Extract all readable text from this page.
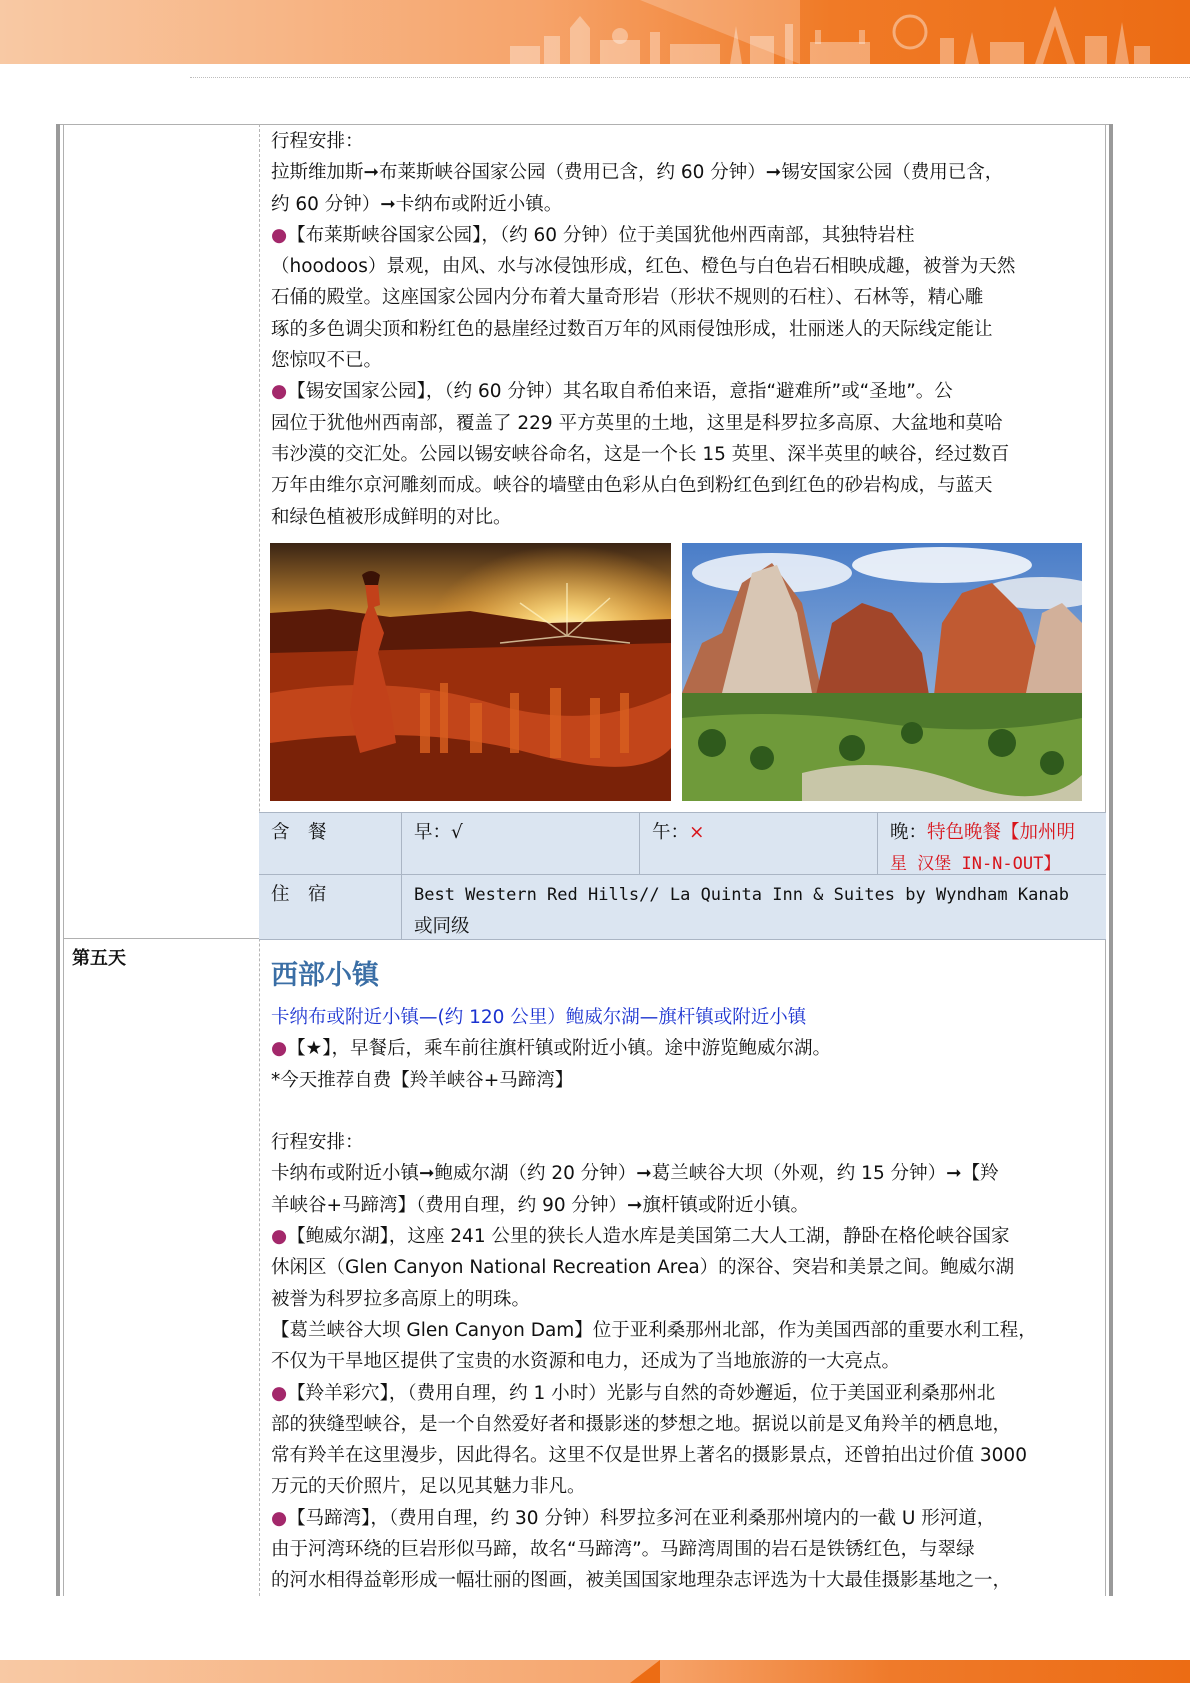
行程安排：

拉斯维加斯➞布莱斯峡谷国家公园（费用已含，约 60 分钟）➞锡安国家公园（费用已含，

约 60 分钟）➞卡纳布或附近小镇。

●【布莱斯峡谷国家公园】，（约 60 分钟）位于美国犹他州西南部，其独特岩柱

（hoodoos）景观，由风、水与冰侵蚀形成，红色、橙色与白色岩石相映成趣，被誉为天然

石俑的殿堂。这座国家公园内分布着大量奇形岩（形状不规则的石柱）、石林等，精心雕

琢的多色调尖顶和粉红色的悬崖经过数百万年的风雨侵蚀形成，壮丽迷人的天际线定能让

您惊叹不已。

●【锡安国家公园】，（约 60 分钟）其名取自希伯来语，意指“避难所”或“圣地”。公

园位于犹他州西南部，覆盖了 229 平方英里的土地，这里是科罗拉多高原、大盆地和莫哈

韦沙漠的交汇处。公园以锡安峡谷命名，这是一个长 15 英里、深半英里的峡谷，经过数百

万年由维尔京河雕刻而成。峡谷的墙壁由色彩从白色到粉红色到红色的砂岩构成，与蓝天

和绿色植被形成鲜明的对比。

含　餐	早：√	午：×	晚：特色晚餐【加州明
星 汉堡 IN-N-OUT】
住　宿	Best Western Red Hills// La Quinta Inn & Suites by Wyndham Kanab
或同级
第五天
西部小镇

卡纳布或附近小镇—(约 120 公里）鲍威尔湖—旗杆镇或附近小镇

●【★】，早餐后，乘车前往旗杆镇或附近小镇。途中游览鲍威尔湖。

*今天推荐自费【羚羊峡谷+马蹄湾】

行程安排：

卡纳布或附近小镇➞鲍威尔湖（约 20 分钟）➞葛兰峡谷大坝（外观，约 15 分钟）➞【羚

羊峡谷+马蹄湾】（费用自理，约 90 分钟）➞旗杆镇或附近小镇。

●【鲍威尔湖】，这座 241 公里的狭长人造水库是美国第二大人工湖，静卧在格伦峡谷国家

休闲区（Glen Canyon National Recreation Area）的深谷、突岩和美景之间。鲍威尔湖

被誉为科罗拉多高原上的明珠。

【葛兰峡谷大坝 Glen Canyon Dam】位于亚利桑那州北部，作为美国西部的重要水利工程，

不仅为干旱地区提供了宝贵的水资源和电力，还成为了当地旅游的一大亮点。

●【羚羊彩穴】，（费用自理，约 1 小时）光影与自然的奇妙邂逅，位于美国亚利桑那州北

部的狭缝型峡谷，是一个自然爱好者和摄影迷的梦想之地。据说以前是叉角羚羊的栖息地，

常有羚羊在这里漫步，因此得名。这里不仅是世界上著名的摄影景点，还曾拍出过价值 3000

万元的天价照片，足以见其魅力非凡。

●【马蹄湾】，（费用自理，约 30 分钟）科罗拉多河在亚利桑那州境内的一截 U 形河道，

由于河湾环绕的巨岩形似马蹄，故名“马蹄湾”。马蹄湾周围的岩石是铁锈红色，与翠绿

的河水相得益彰形成一幅壮丽的图画，被美国国家地理杂志评选为十大最佳摄影基地之一，
